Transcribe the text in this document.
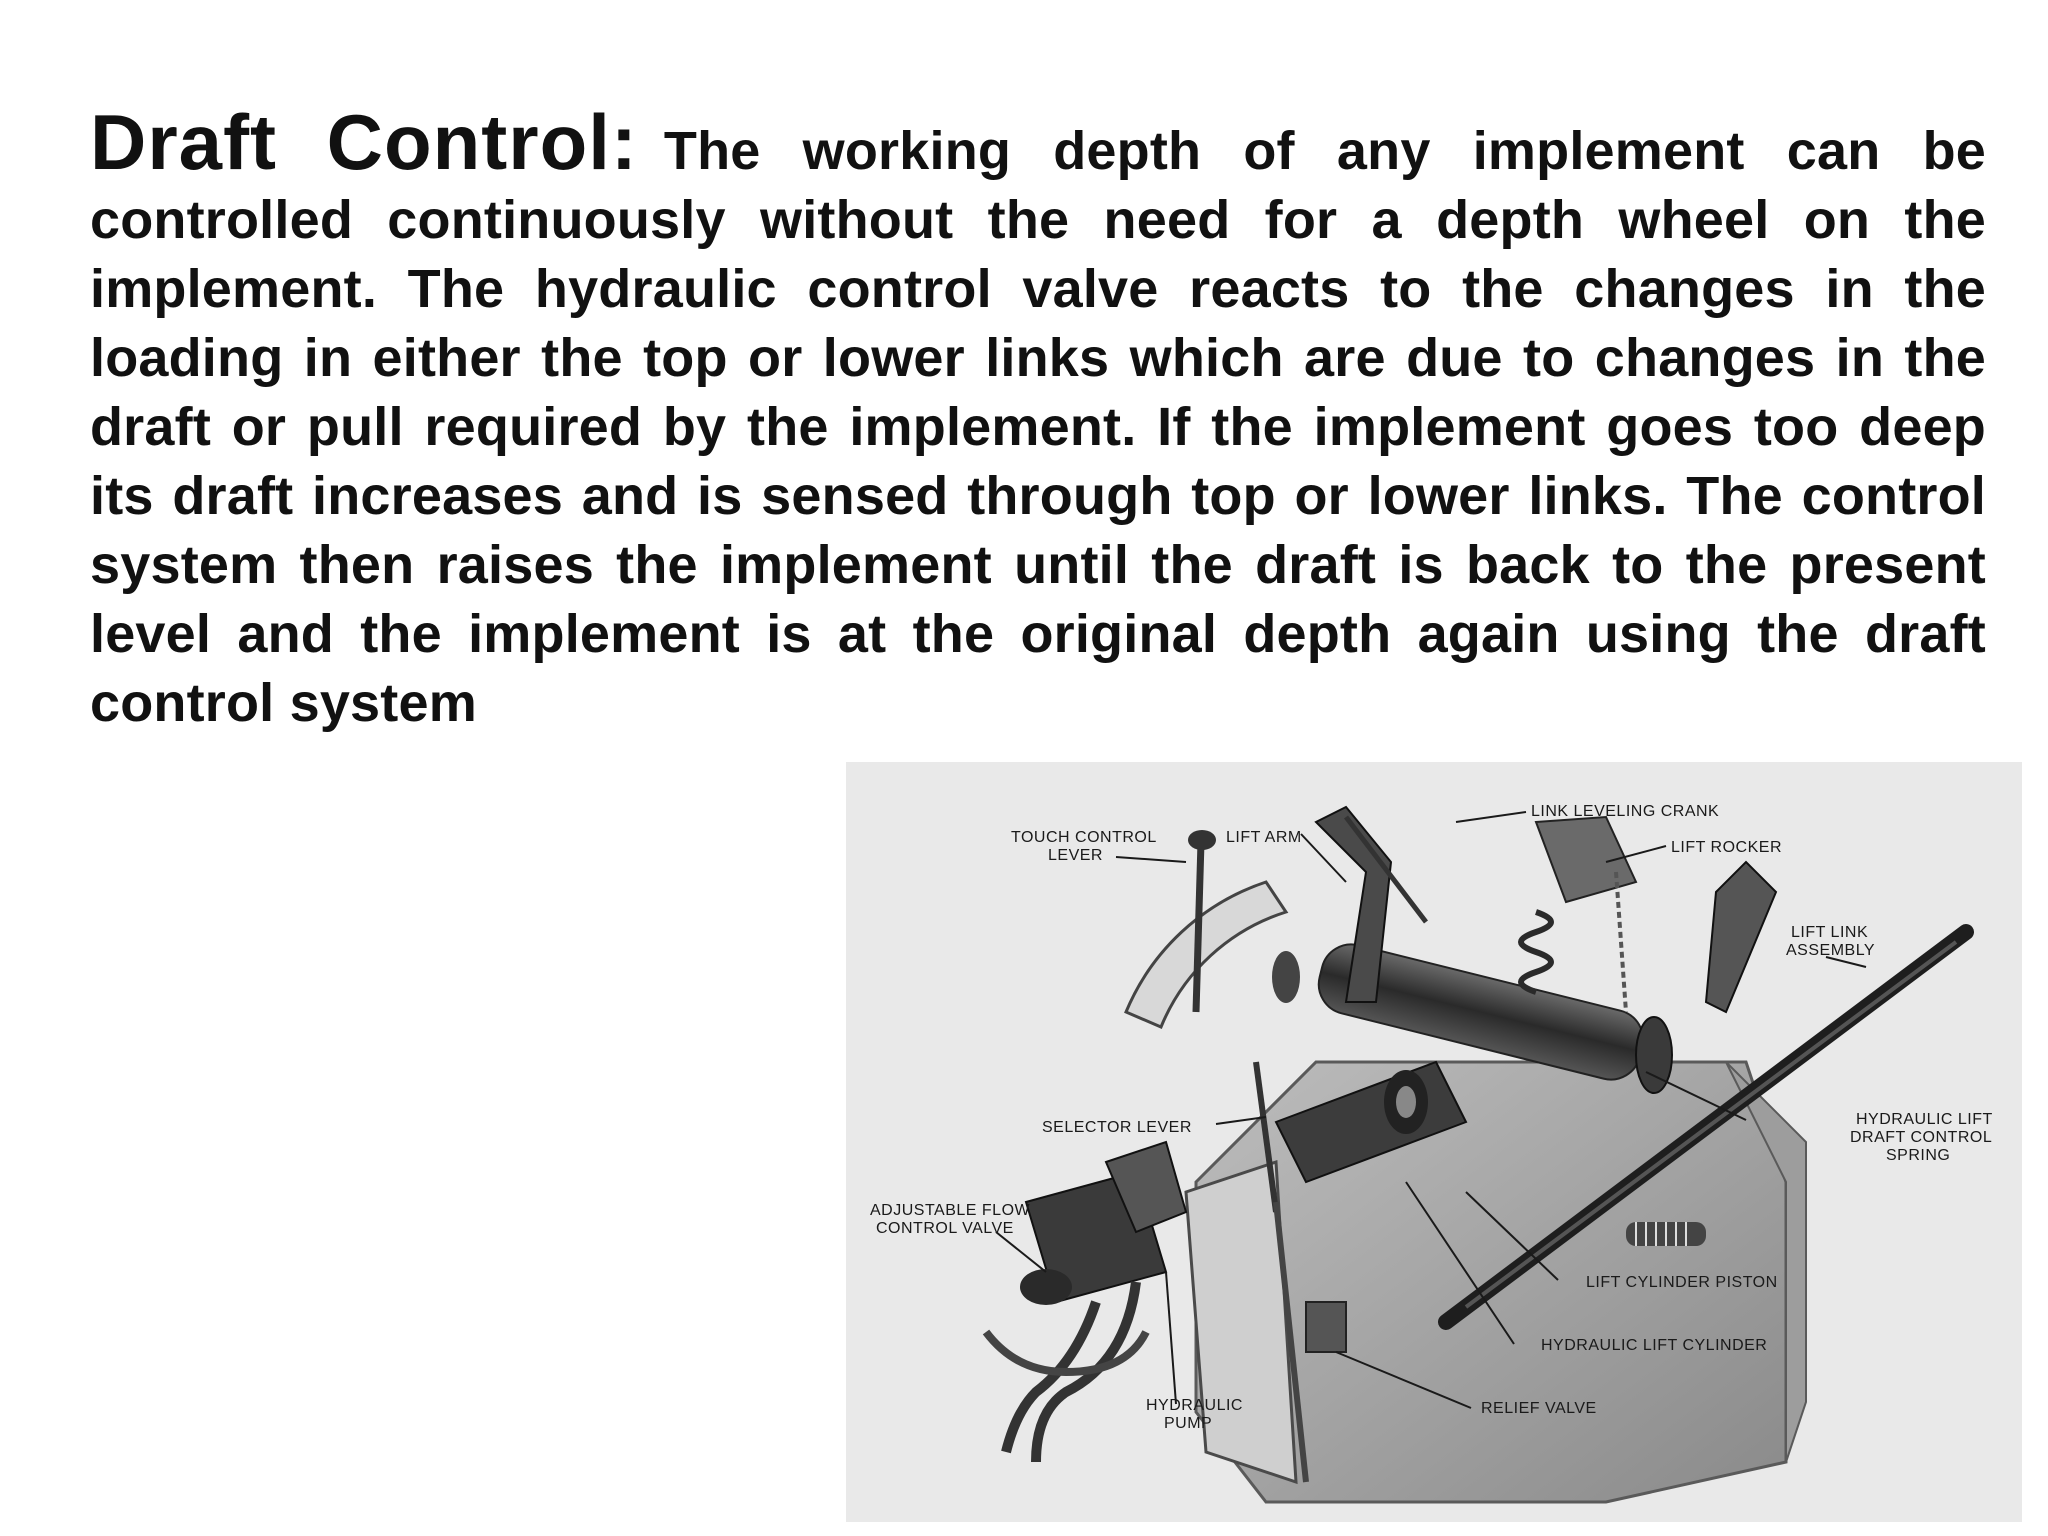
Draft Control: The working depth of any implement can be controlled continuously without the need for a depth wheel on the implement. The hydraulic control valve reacts to the changes in the loading in either the top or lower links which are due to changes in the draft or pull required by the implement. If the implement goes too deep its draft increases and is sensed through top or lower links. The control system then raises the implement until the draft is back to the present level and the implement is at the original depth again using the draft control system
TOUCH CONTROL
LEVER
LIFT ARM
LINK LEVELING CRANK
LIFT ROCKER
LIFT LINK
ASSEMBLY
SELECTOR LEVER	HYDRAULIC LIFT
DRAFT CONTROL
SPRING
ADJUSTABLE FLOW
CONTROL VALVE
LIFT CYLINDER PISTON
HYDRAULIC LIFT CYLINDER
RELIEF VALVE
HYDRAULIC
PUMP
